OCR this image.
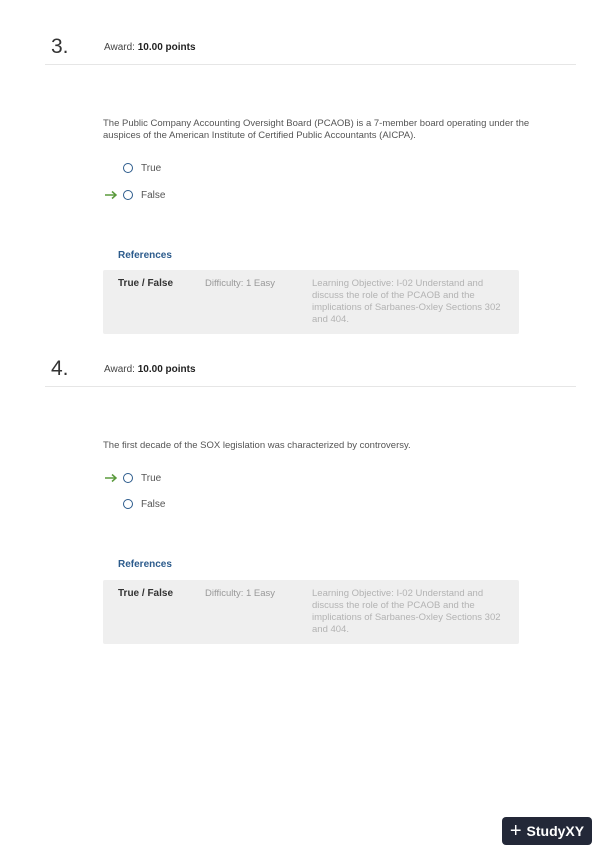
3.	Award: 10.00 points
The Public Company Accounting Oversight Board (PCAOB) is a 7-member board operating under the auspices of the American Institute of Certified Public Accountants (AICPA).
True
False
References
True / False	Difficulty: 1 Easy	Learning Objective: I-02 Understand and discuss the role of the PCAOB and the implications of Sarbanes-Oxley Sections 302 and 404.
4.	Award: 10.00 points
The first decade of the SOX legislation was characterized by controversy.
True
False
References
True / False	Difficulty: 1 Easy	Learning Objective: I-02 Understand and discuss the role of the PCAOB and the implications of Sarbanes-Oxley Sections 302 and 404.
+ StudyXY
